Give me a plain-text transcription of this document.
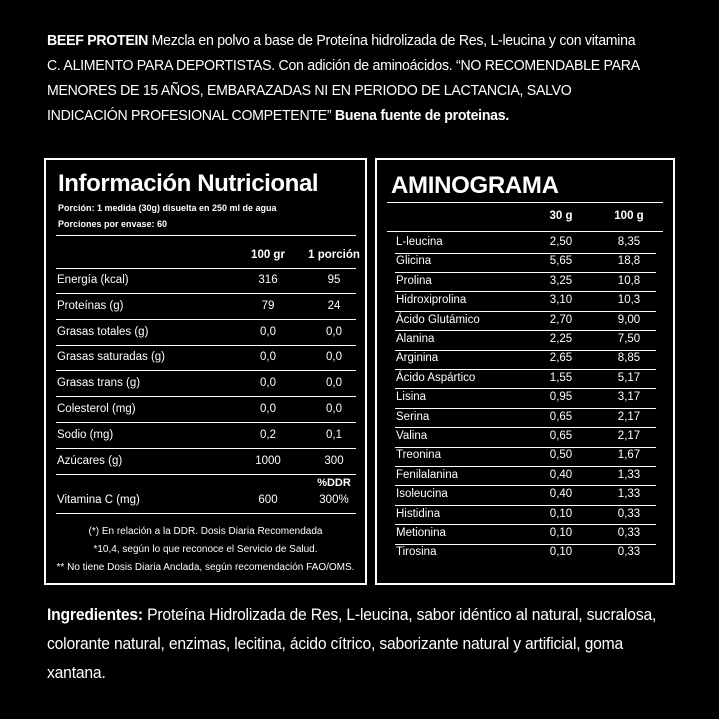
BEEF PROTEIN Mezcla en polvo a base de Proteína hidrolizada de Res, L-leucina y con vitamina C. ALIMENTO PARA DEPORTISTAS. Con adición de aminoácidos. “NO RECOMENDABLE PARA MENORES DE 15 AÑOS, EMBARAZADAS NI EN PERIODO DE LACTANCIA, SALVO INDICACIÓN PROFESIONAL COMPETENTE” Buena fuente de proteinas.
Información Nutricional
Porción: 1 medida (30g) disuelta en 250 ml de agua
Porciones por envase: 60
100 gr	1 porción
Energía (kcal)	316	95
Proteínas (g)	79	24
Grasas totales (g)	0,0	0,0
Grasas saturadas (g)	0,0	0,0
Grasas trans (g)	0,0	0,0
Colesterol (mg)	0,0	0,0
Sodio (mg)	0,2	0,1
Azúcares (g)	1000	300
%DDR
Vitamina C (mg)	600	300%
(*) En relación a la DDR. Dosis Diaria Recomendada
*10,4, según lo que reconoce el Servicio de Salud.
** No tiene Dosis Diaria Anclada, según recomendación FAO/OMS.
AMINOGRAMA
30 g	100 g
L-leucina	2,50	8,35
Glicina	5,65	18,8
Prolina	3,25	10,8
Hidroxiprolina	3,10	10,3
Ácido Glutámico	2,70	9,00
Alanina	2,25	7,50
Arginina	2,65	8,85
Ácido Aspártico	1,55	5,17
Lisina	0,95	3,17
Serina	0,65	2,17
Valina	0,65	2,17
Treonina	0,50	1,67
Fenilalanina	0,40	1,33
Isoleucina	0,40	1,33
Histidina	0,10	0,33
Metionina	0,10	0,33
Tirosina	0,10	0,33
Ingredientes: Proteína Hidrolizada de Res, L-leucina, sabor idéntico al natural, sucralosa, colorante natural, enzimas, lecitina, ácido cítrico, saborizante natural y artificial, goma xantana.
